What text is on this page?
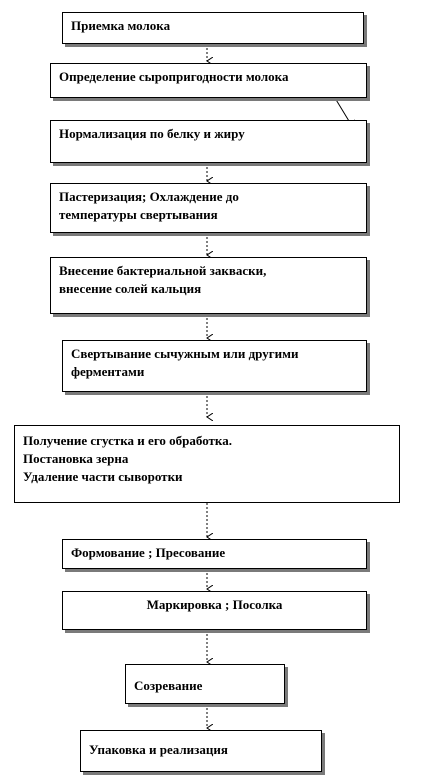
Приемка молока
Определение сыропригодности молока
Нормализация по белку и жиру
Пастеризация; Охлаждение до
температуры свертывания
Внесение бактериальной закваски,
внесение солей кальция
Свертывание сычужным или другими
ферментами
Получение сгустка и его обработка.
Постановка зерна
Удаление части сыворотки
Формование ; Пресование
Маркировка ; Посолка
Созревание
Упаковка и реализация
